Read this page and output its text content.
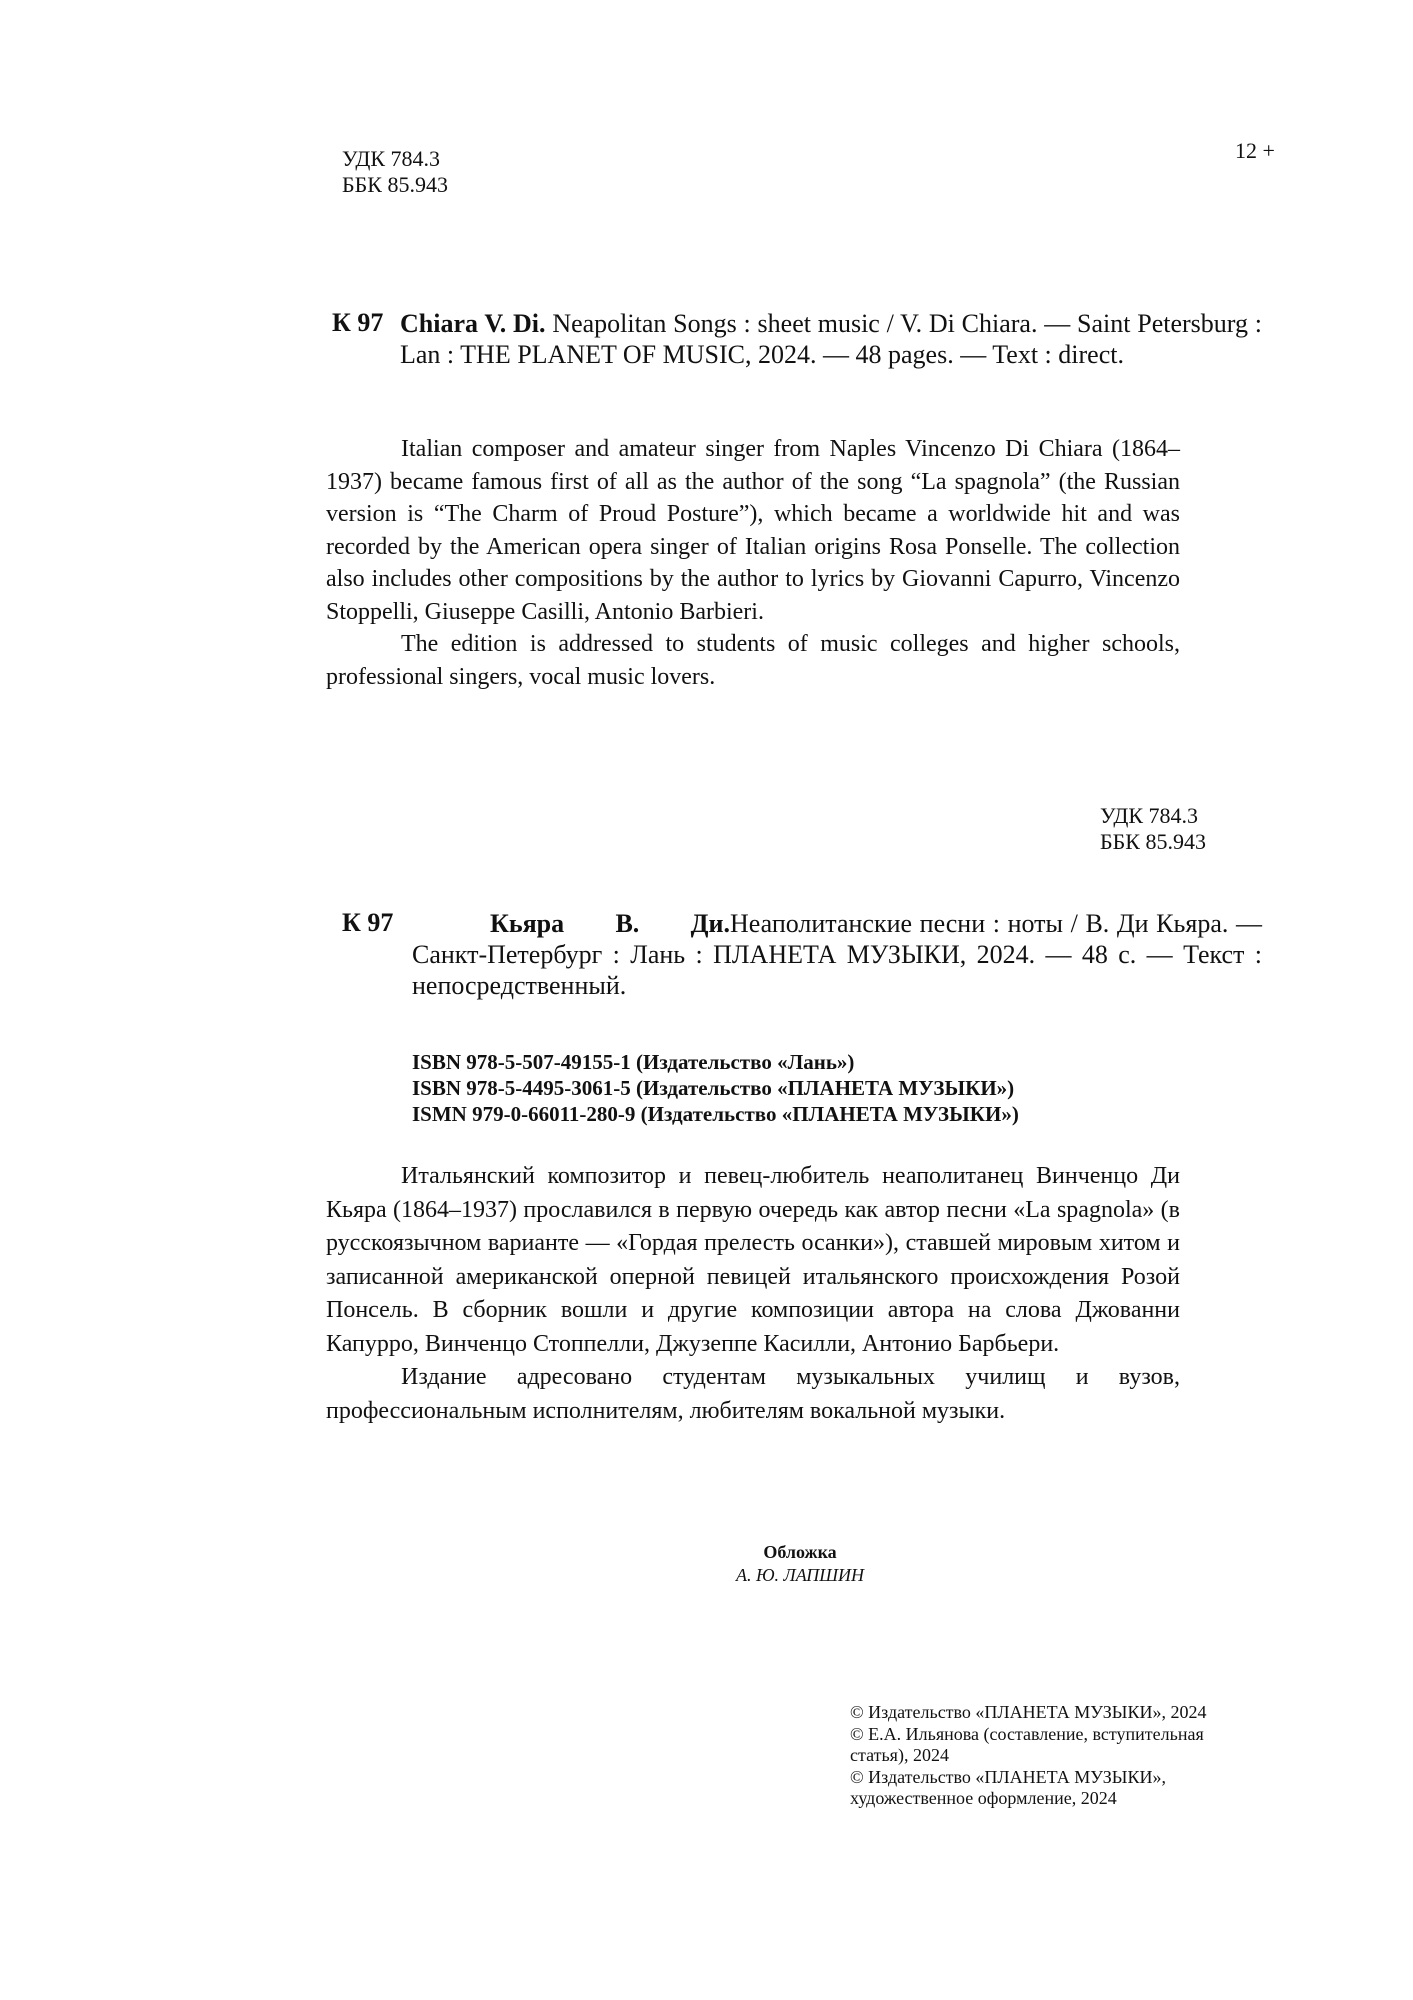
УДК 784.3
ББК 85.943
12 +
К 97 Chiara V. Di. Neapolitan Songs : sheet music / V. Di Chiara. — Saint Petersburg : Lan : THE PLANET OF MUSIC, 2024. — 48 pages. — Text : direct.

Italian composer and amateur singer from Naples Vincenzo Di Chiara (1864–1937) became famous first of all as the author of the song “La spagnola” (the Russian version is “The Charm of Proud Posture”), which became a worldwide hit and was recorded by the American opera singer of Italian origins Rosa Ponselle. The collection also includes other compositions by the author to lyrics by Giovanni Capurro, Vincenzo Stoppelli, Giuseppe Casilli, Antonio Barbieri.

The edition is addressed to students of music colleges and higher schools, professional singers, vocal music lovers.

УДК 784.3
ББК 85.943
К 97	Кьяра В. Ди.Неаполитанские песни : ноты / В. Ди Кьяра. —
Санкт-Петербург : Лань : ПЛАНЕТА МУЗЫКИ, 2024. — 48 с. — Текст : непосредственный.
ISBN 978-5-507-49155-1 (Издательство «Лань»)
ISBN 978-5-4495-3061-5 (Издательство «ПЛАНЕТА МУЗЫКИ»)
ISMN 979-0-66011-280-9 (Издательство «ПЛАНЕТА МУЗЫКИ»)

Итальянский композитор и певец-любитель неаполитанец Винченцо Ди Кьяра (1864–1937) прославился в первую очередь как автор песни «La spagnola» (в русскоязычном варианте — «Гордая прелесть осанки»), ставшей мировым хитом и записанной американской оперной певицей итальянского происхождения Розой Понсель. В сборник вошли и другие композиции автора на слова Джованни Капурро, Винченцо Стоппелли, Джузеппе Касилли, Антонио Барбьери.

Издание адресовано студентам музыкальных училищ и вузов, профессиональным исполнителям, любителям вокальной музыки.

Обложка
А. Ю. ЛАПШИН
© Издательство «ПЛАНЕТА МУЗЫКИ», 2024
© Е.А. Ильянова (составление, вступительная статья), 2024
© Издательство «ПЛАНЕТА МУЗЫКИ», художественное оформление, 2024
